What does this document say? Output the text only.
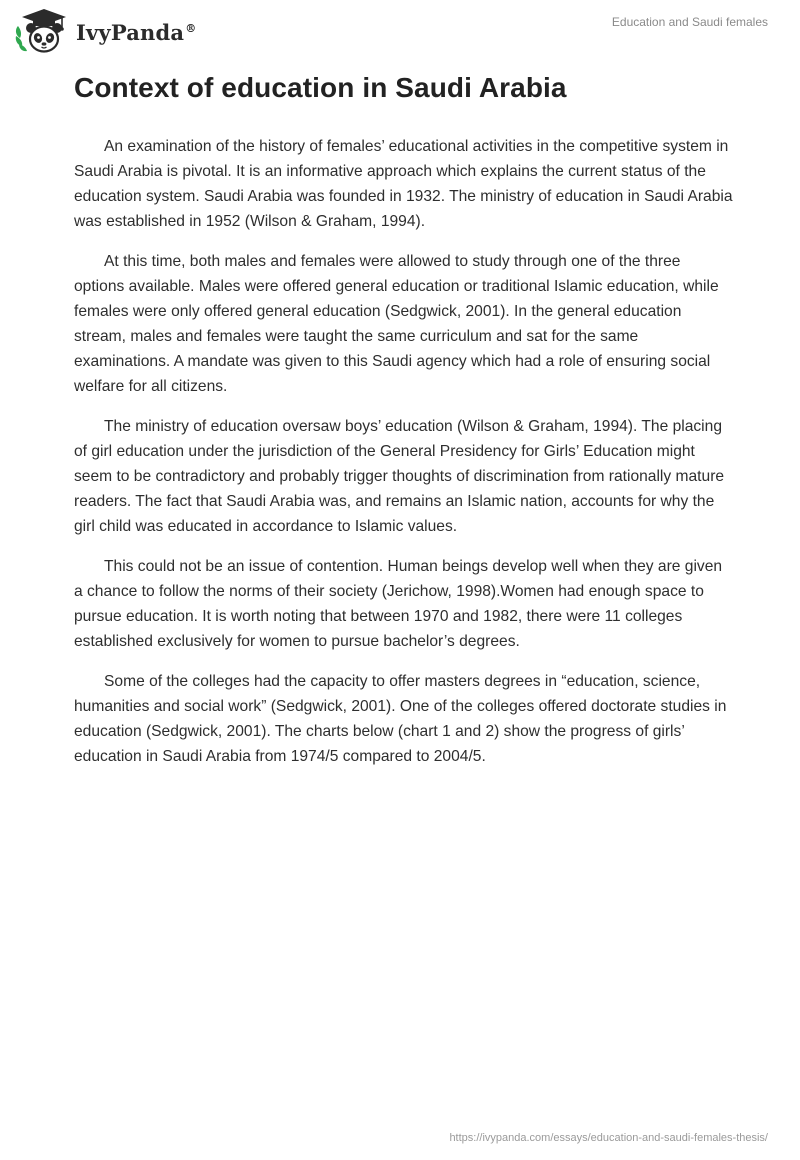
IvyPanda®	Education and Saudi females
Context of education in Saudi Arabia

An examination of the history of females’ educational activities in the competitive system in Saudi Arabia is pivotal. It is an informative approach which explains the current status of the education system. Saudi Arabia was founded in 1932. The ministry of education in Saudi Arabia was established in 1952 (Wilson & Graham, 1994).

At this time, both males and females were allowed to study through one of the three options available. Males were offered general education or traditional Islamic education, while females were only offered general education (Sedgwick, 2001). In the general education stream, males and females were taught the same curriculum and sat for the same examinations. A mandate was given to this Saudi agency which had a role of ensuring social welfare for all citizens.

The ministry of education oversaw boys’ education (Wilson & Graham, 1994). The placing of girl education under the jurisdiction of the General Presidency for Girls’ Education might seem to be contradictory and probably trigger thoughts of discrimination from rationally mature readers. The fact that Saudi Arabia was, and remains an Islamic nation, accounts for why the girl child was educated in accordance to Islamic values.

This could not be an issue of contention. Human beings develop well when they are given a chance to follow the norms of their society (Jerichow, 1998).Women had enough space to pursue education. It is worth noting that between 1970 and 1982, there were 11 colleges established exclusively for women to pursue bachelor’s degrees.

Some of the colleges had the capacity to offer masters degrees in “education, science, humanities and social work” (Sedgwick, 2001). One of the colleges offered doctorate studies in education (Sedgwick, 2001). The charts below (chart 1 and 2) show the progress of girls’ education in Saudi Arabia from 1974/5 compared to 2004/5.

https://ivypanda.com/essays/education-and-saudi-females-thesis/
